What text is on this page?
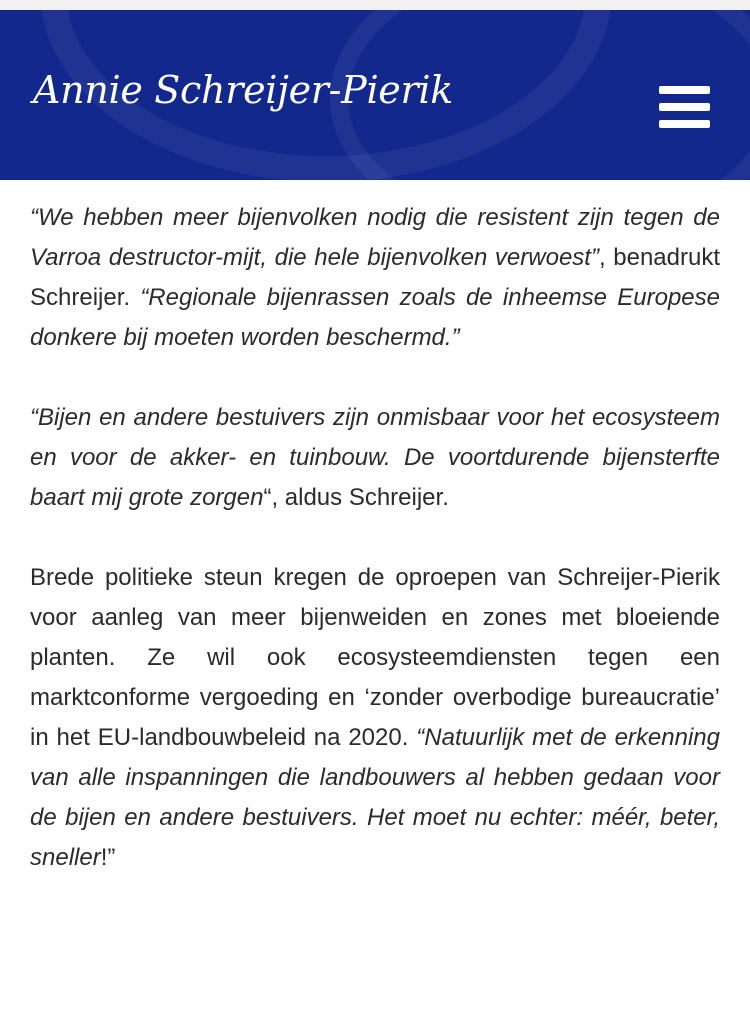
Annie Schreijer-Pierik

“We hebben meer bijenvolken nodig die resistent zijn tegen de Varroa destructor-mijt, die hele bijenvolken verwoest”, benadrukt Schreijer. “Regionale bijenrassen zoals de inheemse Europese donkere bij moeten worden beschermd.”

“Bijen en andere bestuivers zijn onmisbaar voor het ecosysteem en voor de akker- en tuinbouw. De voortdurende bijensterfte baart mij grote zorgen“, aldus Schreijer.

Brede politieke steun kregen de oproepen van Schreijer-Pierik voor aanleg van meer bijenweiden en zones met bloeiende planten. Ze wil ook ecosysteemdiensten tegen een marktconforme vergoeding en ‘zonder overbodige bureaucratie’ in het EU-landbouwbeleid na 2020. “Natuurlijk met de erkenning van alle inspanningen die landbouwers al hebben gedaan voor de bijen en andere bestuivers. Het moet nu echter: méér, beter, sneller!”
